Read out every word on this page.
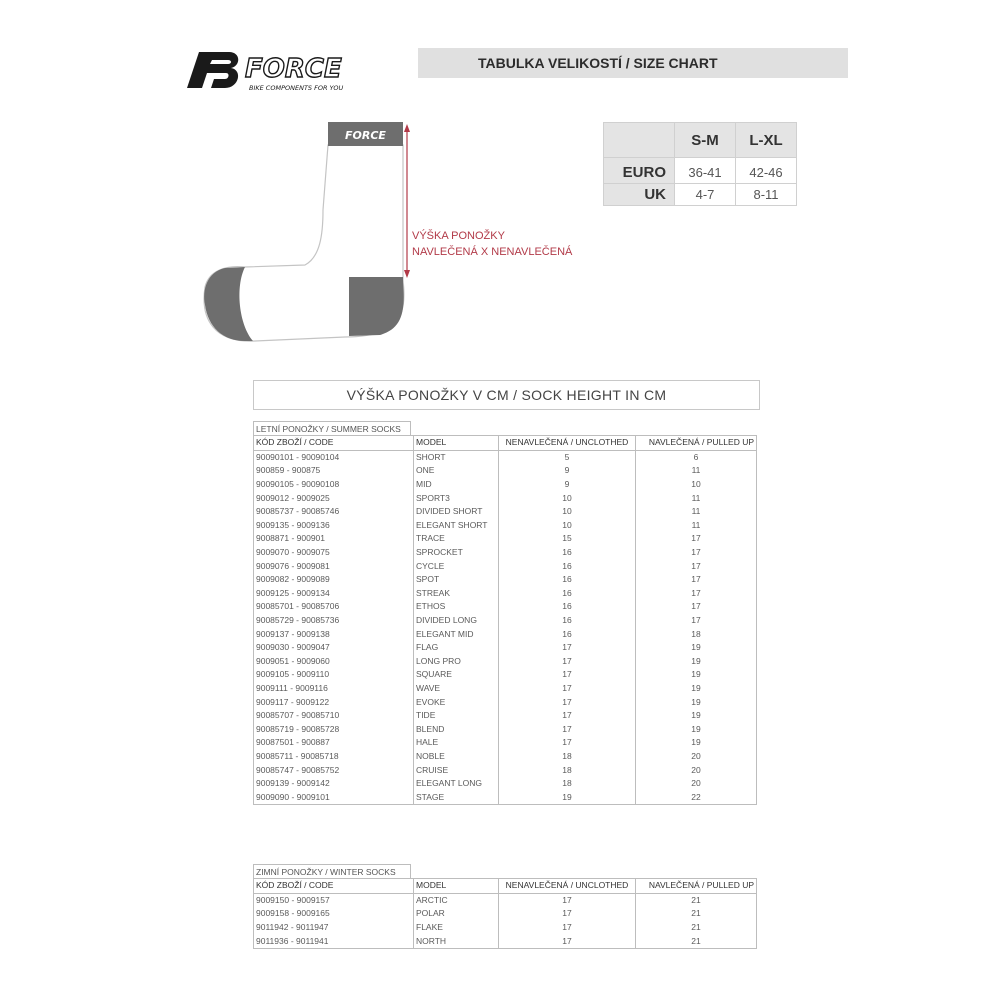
FORCE
BIKE COMPONENTS FOR YOU
TABULKA VELIKOSTÍ / SIZE CHART
FORCE
VÝŠKA PONOŽKY
NAVLEČENÁ X NENAVLEČENÁ
	S-M	L-XL
EURO	36-41	42-46
UK	4-7	8-11
VÝŠKA PONOŽKY V CM / SOCK HEIGHT IN CM
LETNÍ PONOŽKY / SUMMER SOCKS
KÓD ZBOŽÍ / CODE	MODEL	NENAVLEČENÁ / UNCLOTHED	NAVLEČENÁ / PULLED UP
90090101 - 90090104	SHORT	5	6
900859 - 900875	ONE	9	11
90090105 - 90090108	MID	9	10
9009012 - 9009025	SPORT3	10	11
90085737 - 90085746	DIVIDED SHORT	10	11
9009135 - 9009136	ELEGANT SHORT	10	11
9008871 - 900901	TRACE	15	17
9009070 - 9009075	SPROCKET	16	17
9009076 - 9009081	CYCLE	16	17
9009082 - 9009089	SPOT	16	17
9009125 - 9009134	STREAK	16	17
90085701 - 90085706	ETHOS	16	17
90085729 - 90085736	DIVIDED LONG	16	17
9009137 - 9009138	ELEGANT MID	16	18
9009030 - 9009047	FLAG	17	19
9009051 - 9009060	LONG PRO	17	19
9009105 - 9009110	SQUARE	17	19
9009111 - 9009116	WAVE	17	19
9009117 - 9009122	EVOKE	17	19
90085707 - 90085710	TIDE	17	19
90085719 - 90085728	BLEND	17	19
90087501 - 900887	HALE	17	19
90085711 - 90085718	NOBLE	18	20
90085747 - 90085752	CRUISE	18	20
9009139 - 9009142	ELEGANT LONG	18	20
9009090 - 9009101	STAGE	19	22
ZIMNÍ PONOŽKY / WINTER SOCKS
KÓD ZBOŽÍ / CODE	MODEL	NENAVLEČENÁ / UNCLOTHED	NAVLEČENÁ / PULLED UP
9009150 - 9009157	ARCTIC	17	21
9009158 - 9009165	POLAR	17	21
9011942 - 9011947	FLAKE	17	21
9011936 - 9011941	NORTH	17	21
